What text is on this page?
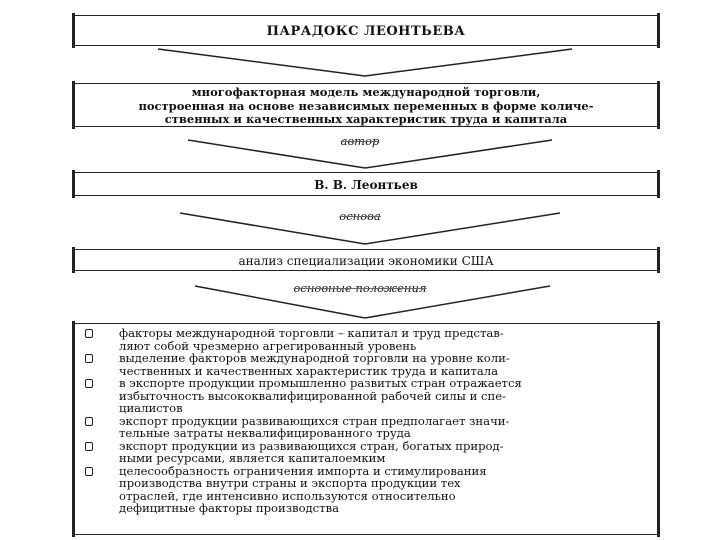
ПАРАДОКС ЛЕОНТЬЕВА
многофакторная модель международной торговли,
построенная на основе независимых переменных в форме количе-
ственных и качественных характеристик труда и капитала
автор
В. В. Леонтьев
основа
анализ специализации экономики США
основные положения
факторы международной торговли – капитал и труд представ-
ляют собой чрезмерно агрегированный уровень
выделение факторов международной торговли на уровне коли-
чественных и качественных характеристик труда и капитала
в экспорте продукции промышленно развитых стран отражается
избыточность высококвалифицированной рабочей силы и спе-
циалистов
экспорт продукции развивающихся стран предполагает значи-
тельные затраты неквалифицированного труда
экспорт продукции из развивающихся стран, богатых природ-
ными ресурсами, является капиталоемким
целесообразность ограничения импорта и стимулирования
производства внутри страны и экспорта продукции тех
отраслей, где интенсивно используются относительно
дефицитные факторы производства
